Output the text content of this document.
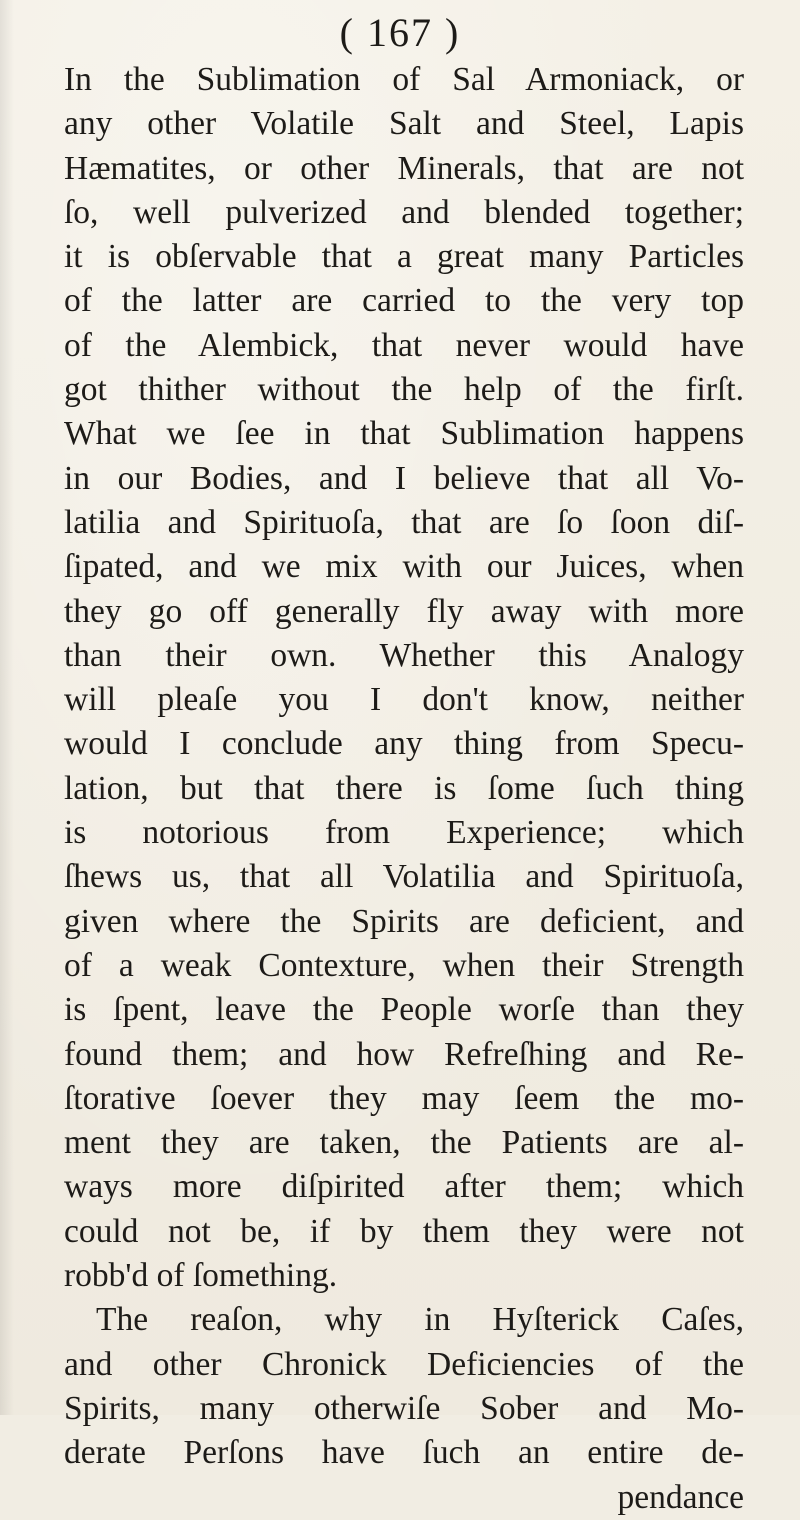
( 167 )
In the Sublimation of Sal Armoniack, or
any other Volatile Salt and Steel, Lapis
Hæmatites, or other Minerals, that are not
ſo, well pulverized and blended together;
it is obſervable that a great many Particles
of the latter are carried to the very top
of the Alembick, that never would have
got thither without the help of the firſt.
What we ſee in that Sublimation happens
in our Bodies, and I believe that all Vo-
latilia and Spirituoſa, that are ſo ſoon diſ-
ſipated, and we mix with our Juices, when
they go off generally fly away with more
than their own. Whether this Analogy
will pleaſe you I don't know, neither
would I conclude any thing from Specu-
lation, but that there is ſome ſuch thing
is notorious from Experience; which
ſhews us, that all Volatilia and Spirituoſa,
given where the Spirits are deficient, and
of a weak Contexture, when their Strength
is ſpent, leave the People worſe than they
found them; and how Refreſhing and Re-
ſtorative ſoever they may ſeem the mo-
ment they are taken, the Patients are al-
ways more diſpirited after them; which
could not be, if by them they were not
robb'd of ſomething.
The reaſon, why in Hyſterick Caſes,
and other Chronick Deficiencies of the
Spirits, many otherwiſe Sober and Mo-
derate Perſons have ſuch an entire de-
pendance
